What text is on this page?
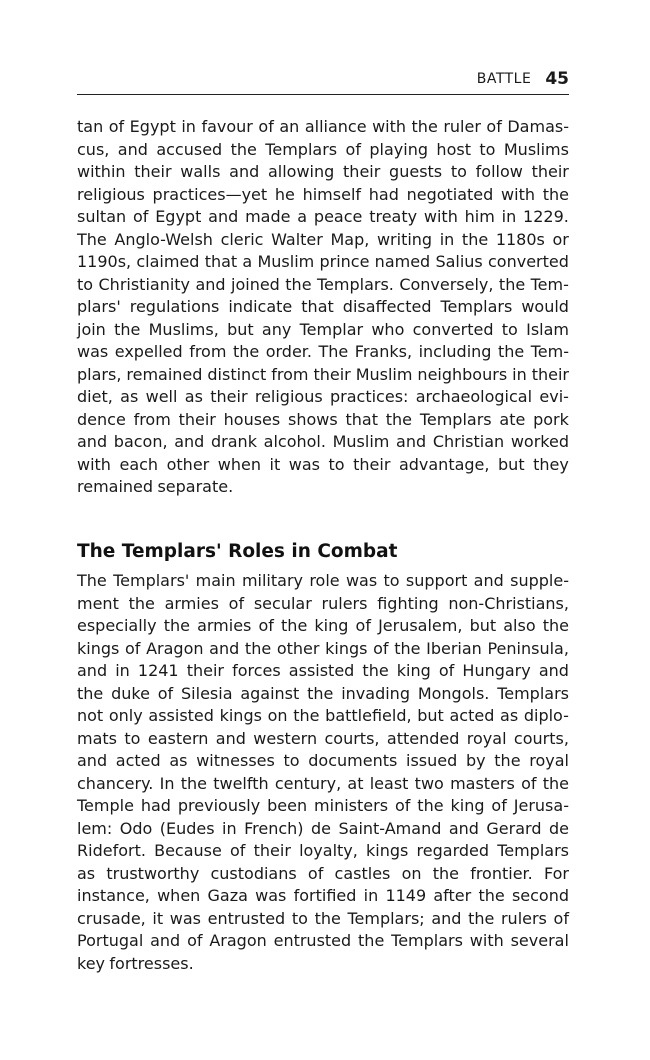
BATTLE 45
tan of Egypt in favour of an alliance with the ruler of Damas-
cus, and accused the Templars of playing host to Muslims
within their walls and allowing their guests to follow their
religious practices—yet he himself had negotiated with the
sultan of Egypt and made a peace treaty with him in 1229.
The Anglo-Welsh cleric Walter Map, writing in the 1180s or
1190s, claimed that a Muslim prince named Salius converted
to Christianity and joined the Templars. Conversely, the Tem-
plars' regulations indicate that disaffected Templars would
join the Muslims, but any Templar who converted to Islam
was expelled from the order. The Franks, including the Tem-
plars, remained distinct from their Muslim neighbours in their
diet, as well as their religious practices: archaeological evi-
dence from their houses shows that the Templars ate pork
and bacon, and drank alcohol. Muslim and Christian worked
with each other when it was to their advantage, but they
remained separate.
The Templars' Roles in Combat
The Templars' main military role was to support and supple-
ment the armies of secular rulers fighting non-Christians,
especially the armies of the king of Jerusalem, but also the
kings of Aragon and the other kings of the Iberian Peninsula,
and in 1241 their forces assisted the king of Hungary and
the duke of Silesia against the invading Mongols. Templars
not only assisted kings on the battlefield, but acted as diplo-
mats to eastern and western courts, attended royal courts,
and acted as witnesses to documents issued by the royal
chancery. In the twelfth century, at least two masters of the
Temple had previously been ministers of the king of Jerusa-
lem: Odo (Eudes in French) de Saint-Amand and Gerard de
Ridefort. Because of their loyalty, kings regarded Templars
as trustworthy custodians of castles on the frontier. For
instance, when Gaza was fortified in 1149 after the second
crusade, it was entrusted to the Templars; and the rulers of
Portugal and of Aragon entrusted the Templars with several
key fortresses.
